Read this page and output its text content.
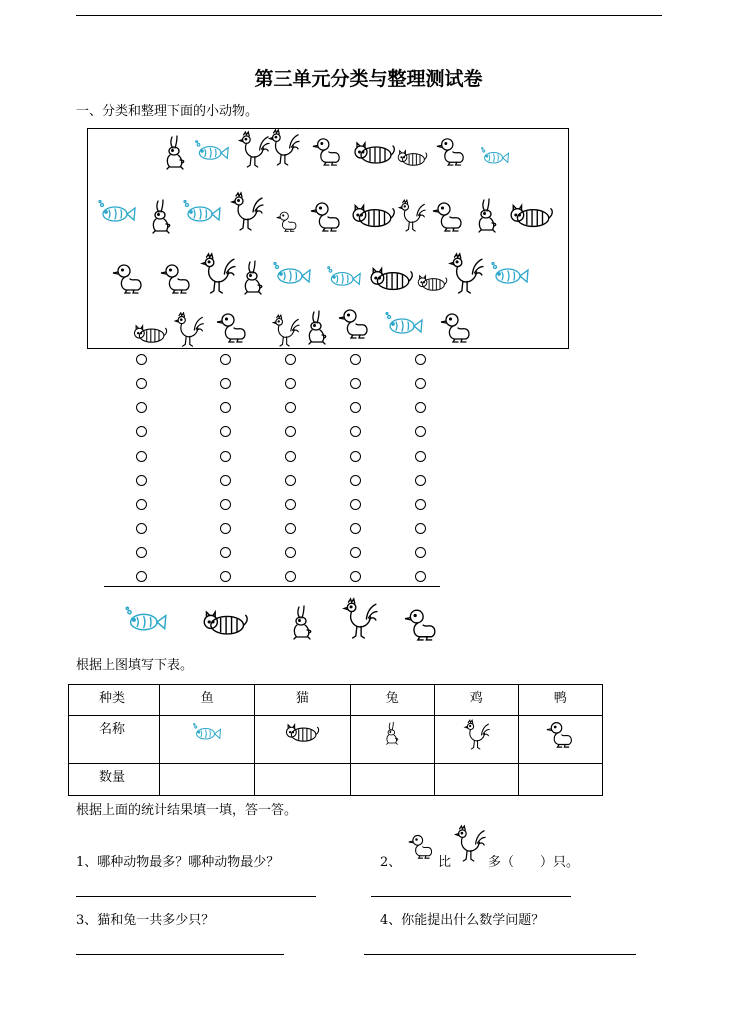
第三单元分类与整理测试卷
一、分类和整理下面的小动物。
根据上图填写下表。
种类	鱼	猫	兔	鸡	鸭
名称					
数量					
根据上面的统计结果填一填，答一答。
1、哪种动物最多？哪种动物最少？	2、	比	多（　　）只。
3、猫和兔一共多少只？	4、你能提出什么数学问题？
